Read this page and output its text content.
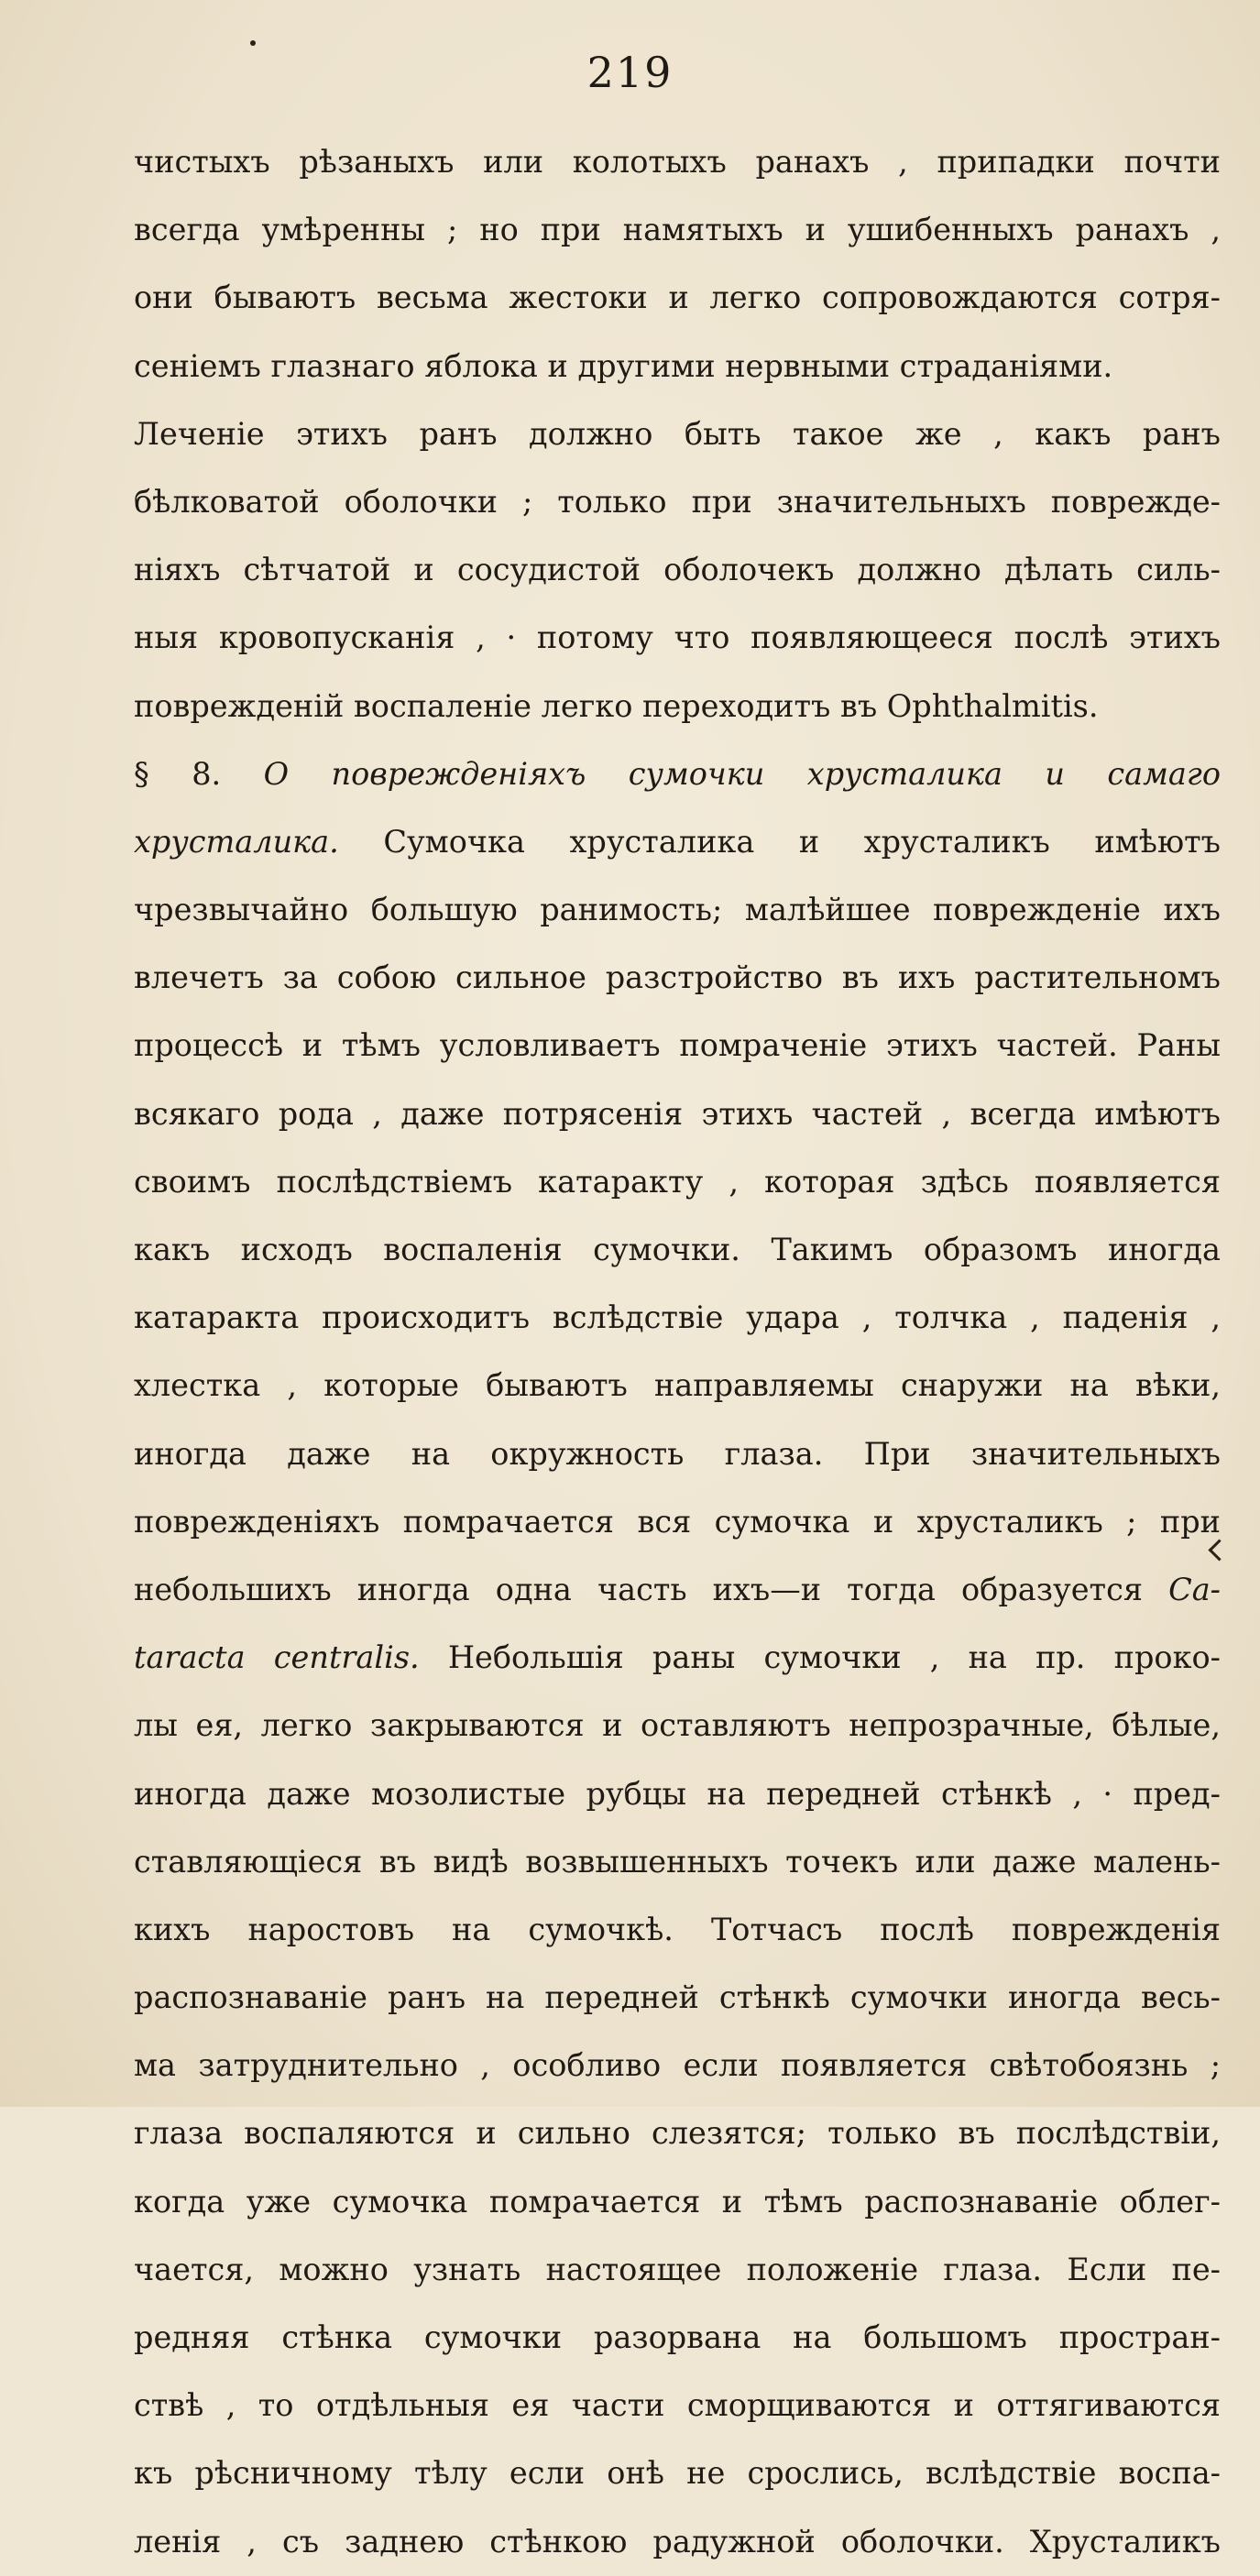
219
чистыхъ рѣзаныхъ или колотыхъ ранахъ , припадки почти
всегда умѣренны ; но при намятыхъ и ушибенныхъ ранахъ ,
они бываютъ весьма жестоки и легко сопровождаются сотря-
сенiемъ глазнаго яблока и другими нервными страданiями.
Леченiе этихъ ранъ должно быть такое же , какъ ранъ
бѣлковатой оболочки ; только при значительныхъ пoврежде-
нiяхъ сѣтчатой и сосудистой оболочекъ должно дѣлать силь-
ныя кровопусканiя , · потому что появляющееся послѣ этихъ
поврежденiй воспаленiе легко переходитъ въ Ophthalmitis.
§ 8. О поврежденiяхъ сумочки хрусталика и самаго
хрусталика. Сумочка хрусталика и хрусталикъ имѣютъ
чрезвычайно большую ранимость; малѣйшее поврежденiе ихъ
влечетъ за собою сильное разстройство въ ихъ растительномъ
процессѣ и тѣмъ условливаетъ помраченiе этихъ частей. Раны
всякаго рода , даже потрясенiя этихъ частей , всегда имѣютъ
своимъ послѣдствiемъ катаракту , которая здѣсь появляется
какъ исходъ воспаленiя сумочки. Такимъ образомъ иногда
катаракта происходитъ вслѣдствiе удара , толчка , паденiя ,
хлестка , которые бываютъ направляемы снаружи на вѣки,
иногда даже на окружность глаза. При значительныхъ
поврежденiяхъ помрачается вся сумочка и хрусталикъ ; при
небольшихъ иногда одна часть ихъ—и тогда образуется Ca-
taracta centralis. Небольшiя раны сумочки , на пр. проко-
лы ея, легко закрываются и оставляютъ непрозрачные, бѣлые,
иногда даже мозолистые рубцы на передней стѣнкѣ , · пред-
ставляющiеся въ видѣ возвышенныхъ точекъ или даже малень-
кихъ наростовъ на сумочкѣ. Тотчасъ послѣ поврежденiя
распознаванiе ранъ на передней стѣнкѣ сумочки иногда весь-
ма затруднительно , особливо если появляется свѣтобоязнь ;
глаза воспаляются и сильно слезятся; только въ послѣдствiи,
когда уже сумочка помрачается и тѣмъ распознаванiе облег-
чается, можно узнать настоящее положенiе глаза. Если пе-
редняя стѣнка сумочки разорвана на большомъ простран-
ствѣ , то отдѣльныя ея части сморщиваются и оттягиваются
къ рѣсничному тѣлу если онѣ не срослись, вслѣдствiе воспа-
ленiя , съ заднею стѣнкою радужной оболочки. Хрусталикъ
